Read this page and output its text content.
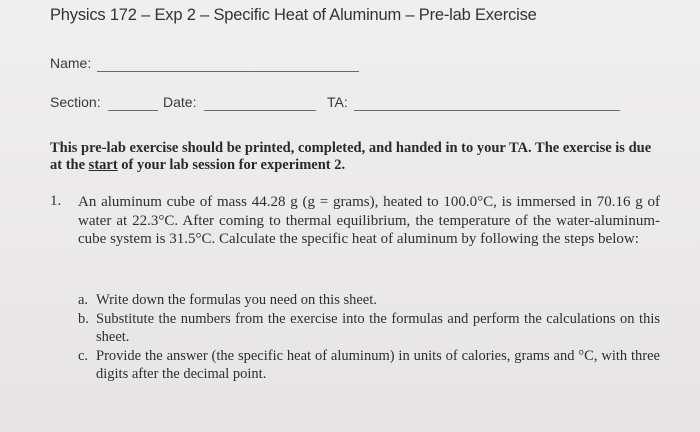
Physics 172 – Exp 2 – Specific Heat of Aluminum – Pre-lab Exercise
Name:
Section:	Date:	TA:
This pre-lab exercise should be printed, completed, and handed in to your TA. The exercise is due at the start of your lab session for experiment 2.
1. An aluminum cube of mass 44.28 g (g = grams), heated to 100.0°C, is immersed in 70.16 g of water at 22.3°C. After coming to thermal equilibrium, the temperature of the water-aluminum-cube system is 31.5°C. Calculate the specific heat of aluminum by following the steps below:
a. Write down the formulas you need on this sheet.
b. Substitute the numbers from the exercise into the formulas and perform the calculations on this sheet.
c. Provide the answer (the specific heat of aluminum) in units of calories, grams and °C, with three digits after the decimal point.
